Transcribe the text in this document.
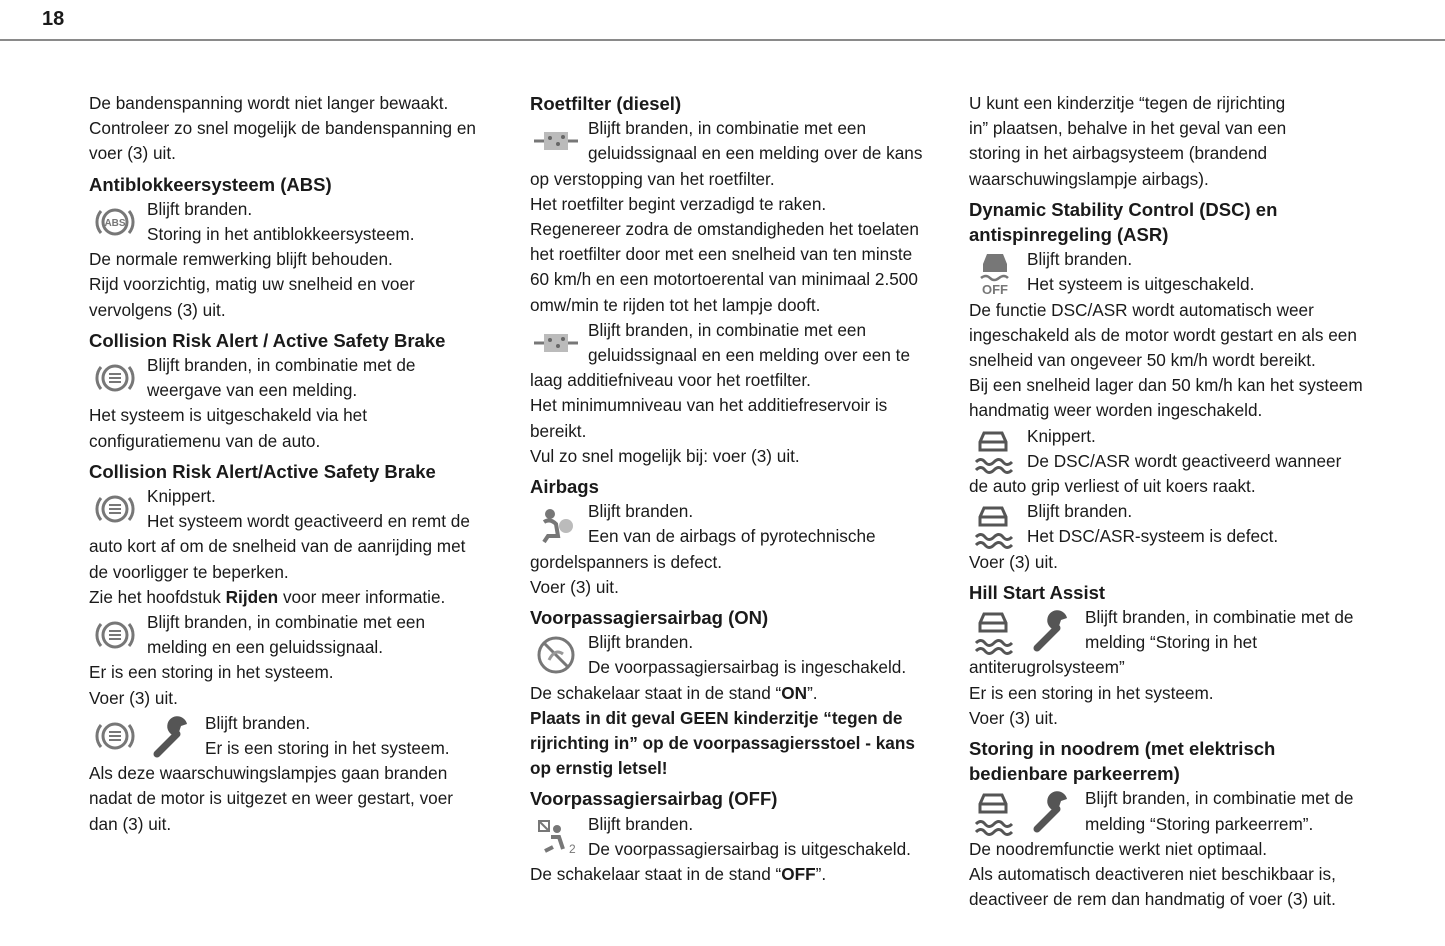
18

De bandenspanning wordt niet langer bewaakt.

Controleer zo snel mogelijk de bandenspanning en

voer (3) uit.

Antiblokkeersysteem (ABS)
ABS

Blijft branden.

Storing in het antiblokkeersysteem.

De normale remwerking blijft behouden.

Rijd voorzichtig, matig uw snelheid en voer

vervolgens (3) uit.

Collision Risk Alert / Active Safety Brake

Blijft branden, in combinatie met de

weergave van een melding.

Het systeem is uitgeschakeld via het

configuratiemenu van de auto.

Collision Risk Alert/Active Safety Brake

Knippert.

Het systeem wordt geactiveerd en remt de

auto kort af om de snelheid van de aanrijding met

de voorligger te beperken.

Zie het hoofdstuk Rijden voor meer informatie.

Blijft branden, in combinatie met een

melding en een geluidssignaal.

Er is een storing in het systeem.

Voer (3) uit.

Blijft branden.

Er is een storing in het systeem.

Als deze waarschuwingslampjes gaan branden

nadat de motor is uitgezet en weer gestart, voer

dan (3) uit.

Roetfilter (diesel)

Blijft branden, in combinatie met een

geluidssignaal en een melding over de kans

op verstopping van het roetfilter.

Het roetfilter begint verzadigd te raken.

Regenereer zodra de omstandigheden het toelaten

het roetfilter door met een snelheid van ten minste

60 km/h en een motortoerental van minimaal 2.500

omw/min te rijden tot het lampje dooft.

Blijft branden, in combinatie met een

geluidssignaal en een melding over een te

laag additiefniveau voor het roetfilter.

Het minimumniveau van het additiefreservoir is

bereikt.

Vul zo snel mogelijk bij: voer (3) uit.

Airbags

Blijft branden.

Een van de airbags of pyrotechnische

gordelspanners is defect.

Voer (3) uit.

Voorpassagiersairbag (ON)

Blijft branden.

De voorpassagiersairbag is ingeschakeld.

De schakelaar staat in de stand “ON”.

Plaats in dit geval GEEN kinderzitje “tegen de

rijrichting in” op de voorpassagiersstoel - kans

op ernstig letsel!

Voorpassagiersairbag (OFF)
2

Blijft branden.

De voorpassagiersairbag is uitgeschakeld.

De schakelaar staat in de stand “OFF”.

U kunt een kinderzitje “tegen de rijrichting

in” plaatsen, behalve in het geval van een

storing in het airbagsysteem (brandend

waarschuwingslampje airbags).

Dynamic Stability Control (DSC) en
antispinregeling (ASR)
OFF

Blijft branden.

Het systeem is uitgeschakeld.

De functie DSC/ASR wordt automatisch weer

ingeschakeld als de motor wordt gestart en als een

snelheid van ongeveer 50 km/h wordt bereikt.

Bij een snelheid lager dan 50 km/h kan het systeem

handmatig weer worden ingeschakeld.

Knippert.

De DSC/ASR wordt geactiveerd wanneer

de auto grip verliest of uit koers raakt.

Blijft branden.

Het DSC/ASR-systeem is defect.

Voer (3) uit.

Hill Start Assist

Blijft branden, in combinatie met de

melding “Storing in het

antiterugrolsysteem”

Er is een storing in het systeem.

Voer (3) uit.

Storing in noodrem (met elektrisch
bedienbare parkeerrem)

Blijft branden, in combinatie met de

melding “Storing parkeerrem”.

De noodremfunctie werkt niet optimaal.

Als automatisch deactiveren niet beschikbaar is,

deactiveer de rem dan handmatig of voer (3) uit.
